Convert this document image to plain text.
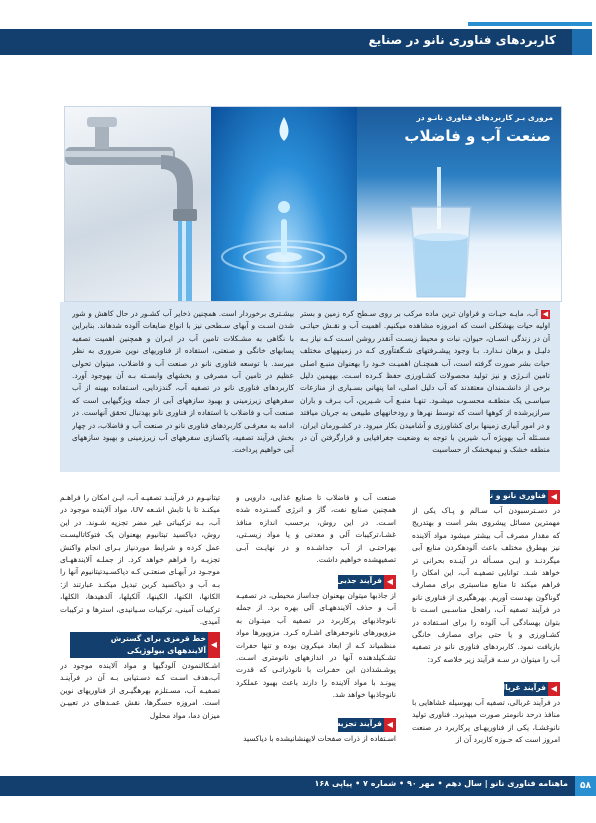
کاربردهای فناوری نانو در صنایع
مروری بـر کاربردهای فناوری نانـو در
صنعت آب و فاضلاب

◀آب، مایـه حیـات و فراوان ترین ماده مرکب بر روی سـطح کره زمین و بستر اولیه حیات بهشکلی است که امروزه مشاهده میکنیم. اهمیت آب و نقـش حیاتـی آن در زندگی انسـان، حیوان، نبات و محیط زیسـت آنقدر روشن اسـت کـه نیاز بـه دلیـل و برهان نـدارد. بـا وجود پیشـرفتهای شـگفتآوری کـه در زمینههای مختلف حیات بشر صورت گرفته است، آب همچنـان اهمیـت خـود را بهعنوان منبـع اصلی تامین انـرژی و نیز تولید محصولات کشـاورزی حفظ کـرده اسـت. بههمین دلیل برخی از دانشـمندان معتقدند که آب دلیل اصلی، اما پنهانی بسـیاری از منازعات سیاسـی یک منطقـه محسـوب میشـود. تنهـا منبـع آب شـیرین، آب بـرف و باران سرازیرشده از کوهها است که توسط نهرها و رودخانههای طبیعی به جریان میافتد و در امور آبیاری زمینها برای کشاورزی و آشامیدن بکار میرود. در کشـورمان ایران، مسـئله آب بهویژه آب شیرین با توجه به وضعیت جغرافیایی و قرارگرفتن آن در منطقه خشک و نیمهخشک از حساسیت

بیشـتری برخوردار است. همچنین ذخایر آب کشـور در حال کاهش و شور شدن اسـت و آبهای سـطحی نیز با انواع ضایعات آلوده شدهاند. بنابراین با نگاهی به مشـکلات تامین آب در ایـران و همچنین اهمیت تصفیه پسابهای خانگی و صنعتی، استفاده از فناوریهای نوین ضروری به نظر میرسد. با توسعه فناوری نانو در صنعت آب و فاضلاب، میتوان تحولی عظیم در تامین آب مصرفی و بخشهای وابسـته بـه آن بهوجود آورد. کاربردهای فناوری نانو در تصفیه آب، گندزدایی، اسـتفاده بهینه از آب سفرههای زیرزمینی و بهبود سازههای آبی از جمله ویژگیهایی است که صنعت آب و فاضلاب با استفاده از فناوری نانو بهدنبال تحقق آنهاست. در ادامه به معرفـی کاربردهای فناوری نانو در صنعت آب و فاضلاب، در چهار بخش فرآیند تصفیه، پاکسازی سفرههای آب زیرزمینی و بهبود سازههای آبی خواهیم پرداخت.

◀
فناوری نانو و تصفیه آب

در دسـترسبودن آب سـالم و پـاک یکی از مهمترین مسائل پیشروی بشر است و بهتدریج که مقدار مصرف آب بیشتر میشود مواد آلاینده نیز بهطرق مختلف باعث آلودهکردن منابع آبی میگردنـد و ایـن مسـأله در آینـده بحرانی تر خواهد شـد. توانایی تصفیـه آب، این امکان را فراهم میکند تا منابع مناسبتری برای مصارف گوناگون بهدست آوریم. بهرهگیری از فناوری نانو در فرآیند تصفیه آب، راهحل مناسـبی اسـت تا بتوان بهسادگی آب آلوده را برای اسـتفاده در کشـاورزی و یا حتی برای مصارف خانگی بازیافت نمود. کاربردهای فناوری نانو در تصفیه آب را میتوان در سـه فرآیند زیر خلاصه کرد:

◀
فرآیند غربالی

در فرآیند غربالی، تصفیه آب بهوسیله غشاهایی با منافذ درحد نانومتر صورت میپذیرد. فناوری تولید نانوغشـا، یکی از فناوریهـای پرکاربرد در صنعت امروز است که حـوزه کاربرد آن از

صنعت آب و فاضلاب تا صنایع غذایی، دارویی و همچنین صنایع نفت، گاز و انرژی گسـترده شده اسـت. در این روش، برحسب اندازه منافذ غشـا،ترکیبات آلی و معدنی و یا مواد زیسـتی، بهراحتـی از آب جداشـده و در نهایـت آبـی تصفیهشده خواهیم داشت.

◀
فرآیند جذبی

از جاذبها میتوان بهعنوان جداساز محیطی، در تصفیـه آب و حذف آلایندههـای آلی بهره برد. از جمله نانوجاذبهای پرکاربرد در تصفیه آب میتـوان به مزوپورهای نانوحفرهای اشـاره کـرد. مزوپورها مواد منظمیاند کـه از ابعاد میکرون بوده و تنها حفرات تشـکیلدهنده آنها در اندازههای نانومتری اسـت. پوشـشدادن این حفـرات با نانوذراتـی که قدرت پیونـد با مواد آلاینده را دارند باعث بهبود عملکرد نانوجاذبها خواهد شد.

◀
فرآیند تجزیه

اسـتفاده از ذرات صفحات لایهنشانیشده با دیاکسید

تیتانیـوم در فرآینـد تصفیـه آب، ایـن امکان را فراهـم میکنـد تا با تابش اشـعه UV، مواد آلاینده موجود در آب، بـه ترکیباتی غیر مضر تجزیه شـوند. در این روش، دیاکسید تیتانیوم بهعنوان یک فتوکاتالیسـت عمل کرده و شرایط موردنیاز بـرای انجام واکنش تجزیـه را فراهم خواهد کرد. از جملـه آلایندههـای موجـود در آبهـای صنعتـی کـه دیاکسـیدتیتانیوم آنها را بـه آب و دیاکسید کربن تبدیل میکنـد عبارتند از: الکانها، الکنها، الکینها، آلکیلها، آلدهیدها، الکلها، ترکیبات آمینی، ترکیبات سـیانیدی، استرها و ترکیبات آمیدی.

◀
خط قرمزی برای گسترش آلایندههای بیولوژیکی

اشـکالنمودن آلودگیها و مواد آلاینده موجود در آب،هدف اسـت کـه دسـتیابی بـه آن در فرآینـد تصفیـه آب، مسـتلزم بهرهگیـری از فناوریهای نوین است. امروزه حسگرها، نقش عمـدهای در تعییـن میزان دما، مواد محلول

۵۸
ماهنامه فناوری نانو | سال دهم • مهر ۹۰ • شماره ۷ • پیاپی ۱۶۸
